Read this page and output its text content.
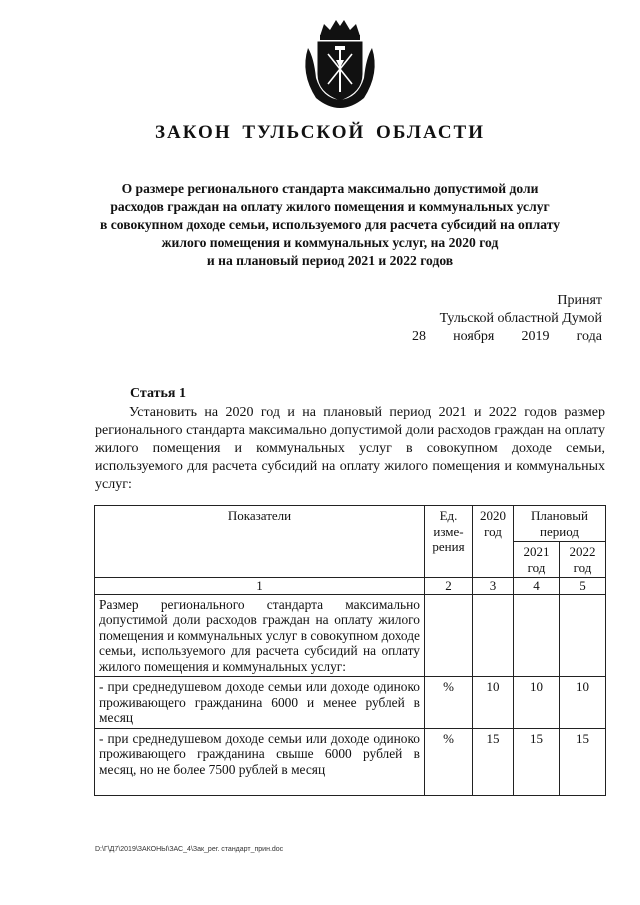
ЗАКОН ТУЛЬСКОЙ ОБЛАСТИ
О размере регионального стандарта максимально допустимой доли
расходов граждан на оплату жилого помещения и коммунальных услуг
в совокупном доходе семьи, используемого для расчета субсидий на оплату
жилого помещения и коммунальных услуг, на 2020 год
и на плановый период 2021 и 2022 годов
Принят
Тульской областной Думой
28 ноября 2019 года
Статья 1

Установить на 2020 год и на плановый период 2021 и 2022 годов размер регионального стандарта максимально допустимой доли расходов граждан на оплату жилого помещения и коммунальных услуг в совокупном доходе семьи, используемого для расчета субсидий на оплату жилого помещения и коммунальных услуг:

Показатели	Ед. изме-рения	2020 год	Плановый период	
			2021 год	2022 год
1	2	3	4	5
Размер регионального стандарта максимально допустимой доли расходов граждан на оплату жилого помещения и коммунальных услуг в совокупном доходе семьи, используемого для расчета субсидий на оплату жилого помещения и коммунальных услуг:				
- при среднедушевом доходе семьи или доходе одиноко проживающего гражданина 6000 и менее рублей в месяц	%	10	10	10
- при среднедушевом доходе семьи или доходе одиноко проживающего гражданина свыше 6000 рублей в месяц, но не более 7500 рублей в месяц	%	15	15	15
D:\Г\Д7\2019\ЗАКОНЫ\ЗАС_4\Зак_рег. стандарт_прин.doc
